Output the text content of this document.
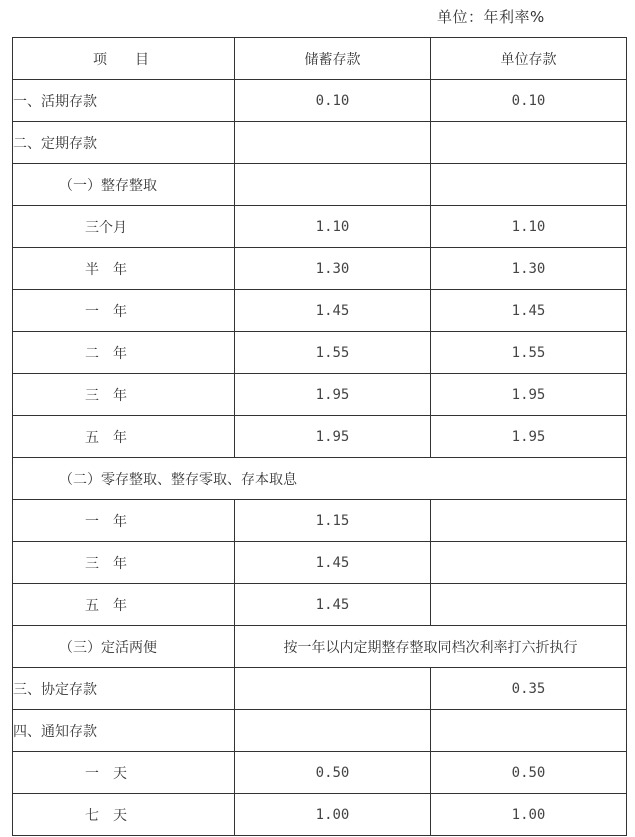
单位：年利率%
项　　目	储蓄存款	单位存款
一、活期存款	0.10	0.10
二、定期存款		
（一）整存整取		
三个月	1.10	1.10
半　年	1.30	1.30
一　年	1.45	1.45
二　年	1.55	1.55
三　年	1.95	1.95
五　年	1.95	1.95
（二）零存整取、整存零取、存本取息		
一　年	1.15	
三　年	1.45	
五　年	1.45	
（三）定活两便	按一年以内定期整存整取同档次利率打六折执行	
三、协定存款		0.35
四、通知存款		
一　天	0.50	0.50
七　天	1.00	1.00
